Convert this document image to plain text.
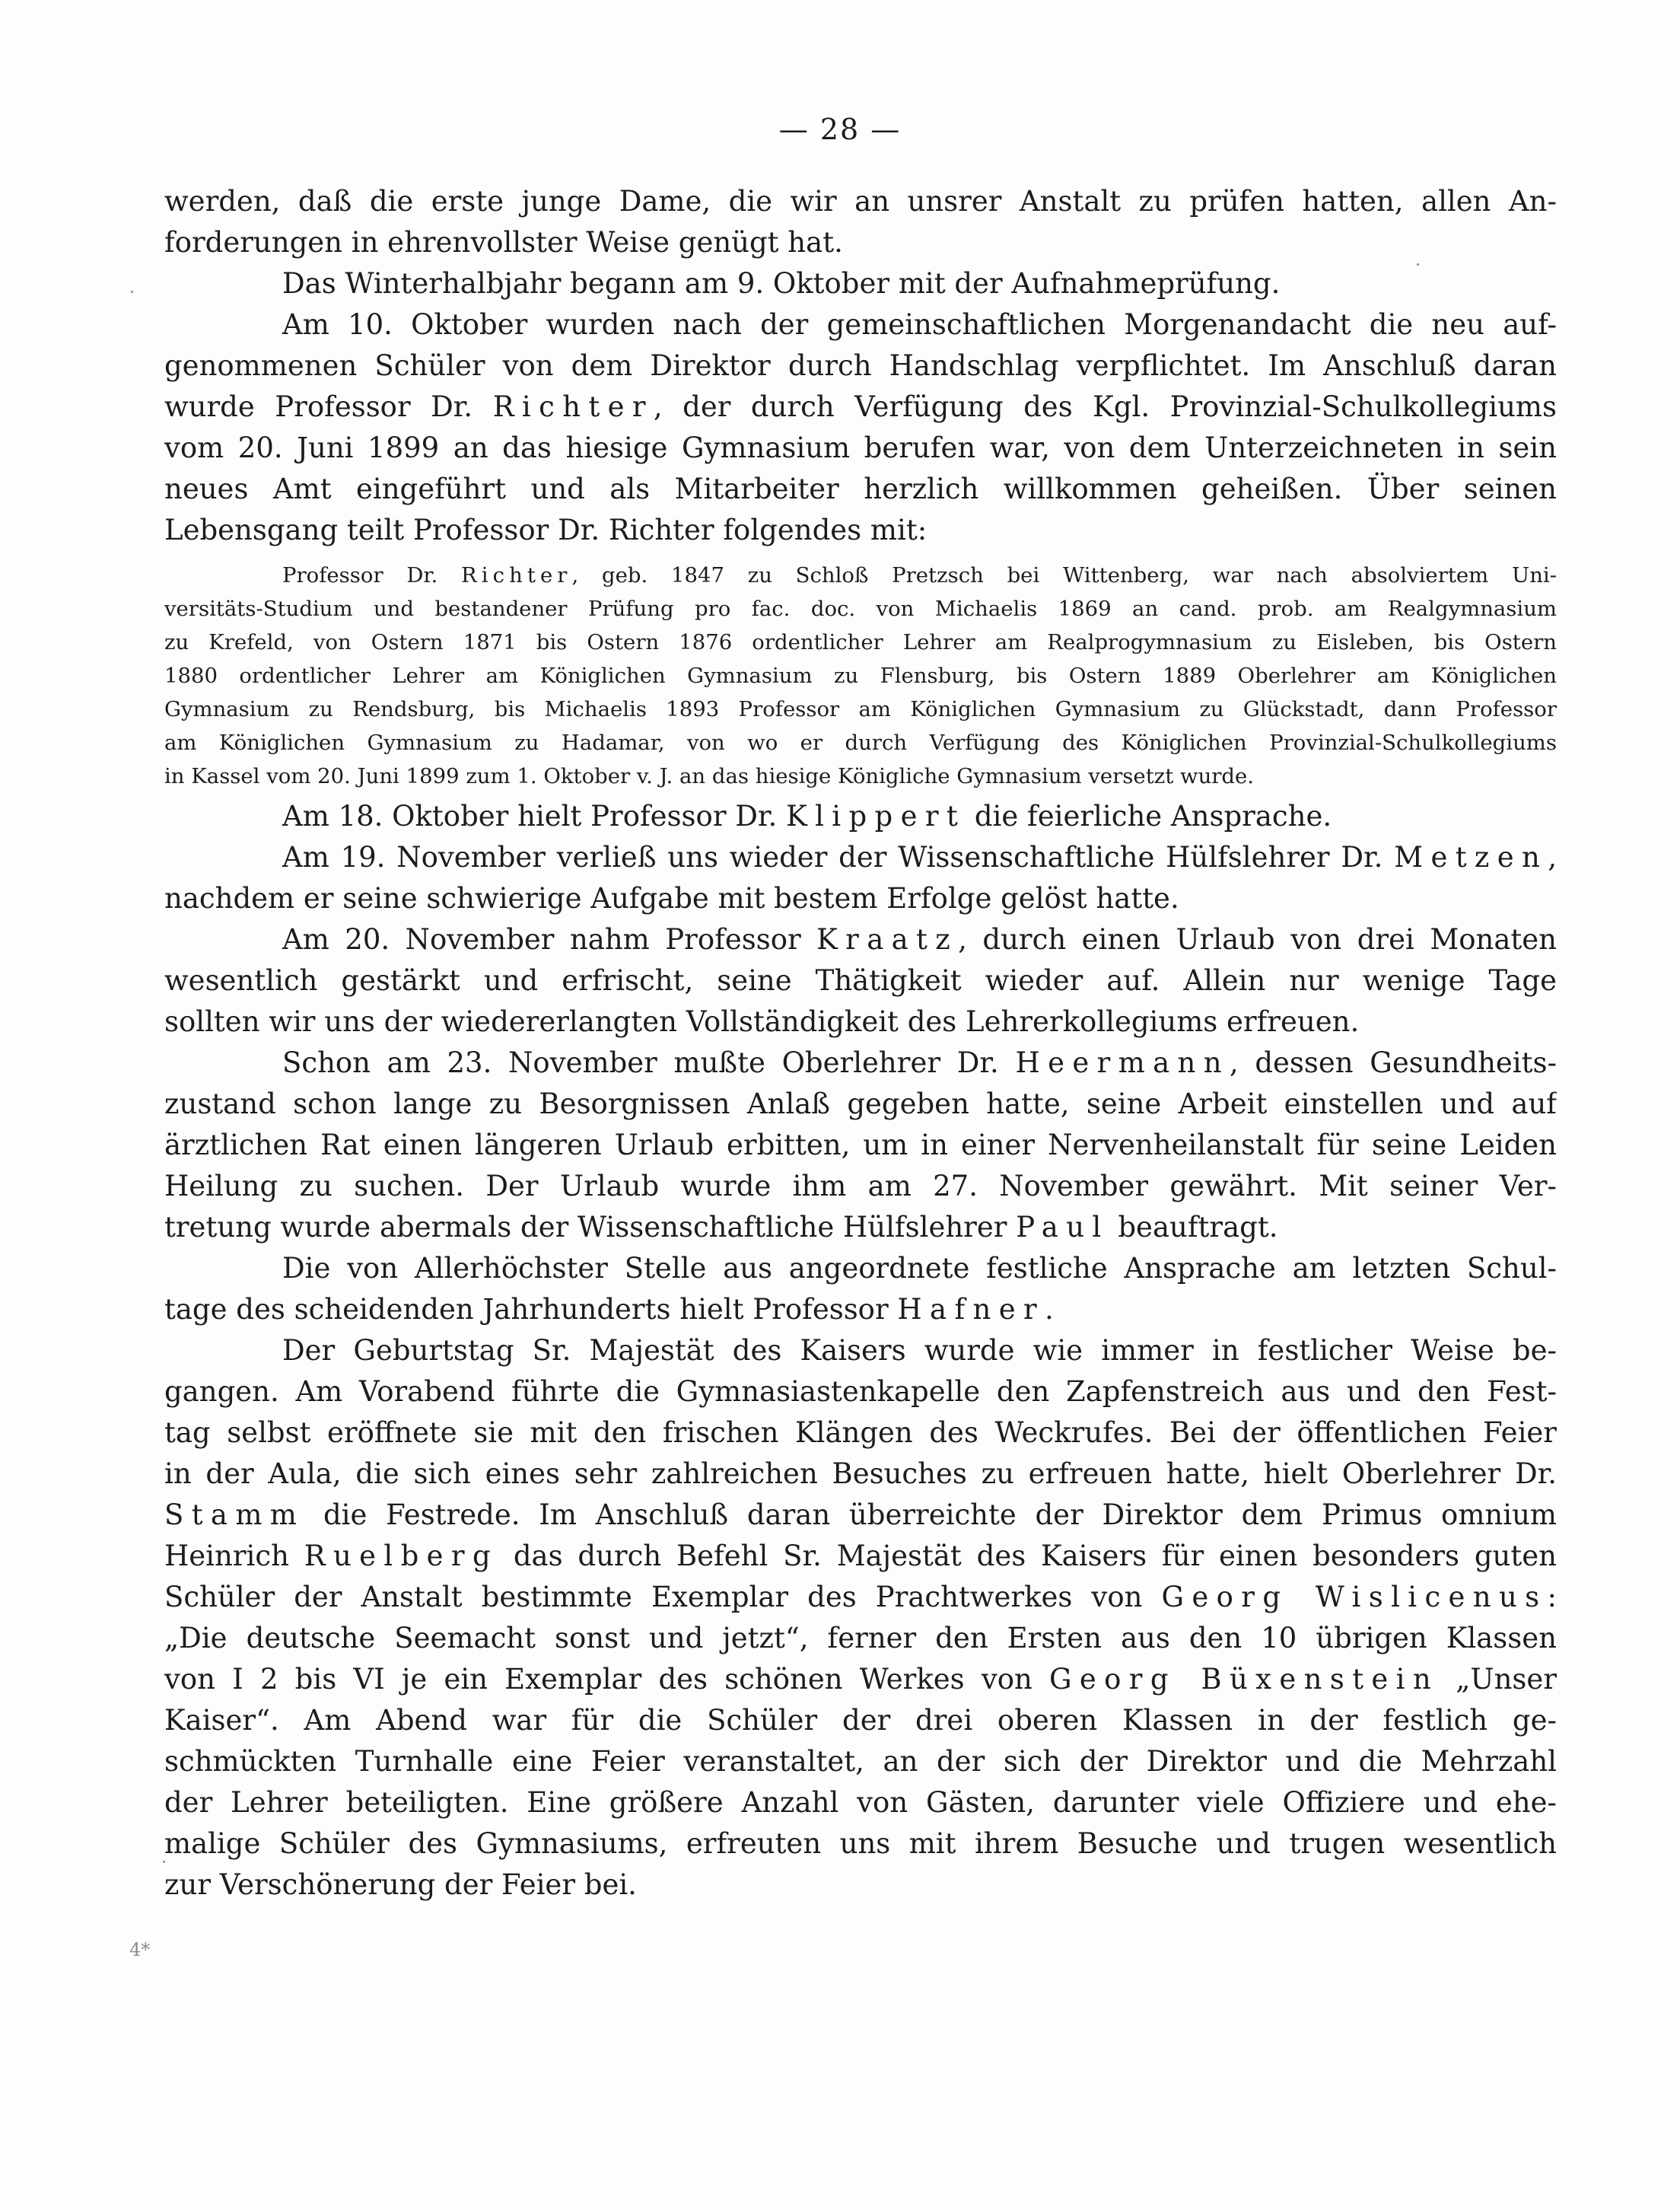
— 28 —
werden, daß die erste junge Dame, die wir an unsrer Anstalt zu prüfen hatten, allen An-
forderungen in ehrenvollster Weise genügt hat.
Das Winterhalbjahr begann am 9. Oktober mit der Aufnahmeprüfung.
Am 10. Oktober wurden nach der gemeinschaftlichen Morgenandacht die neu auf-
genommenen Schüler von dem Direktor durch Handschlag verpflichtet. Im Anschluß daran
wurde Professor Dr. Richter, der durch Verfügung des Kgl. Provinzial-Schulkollegiums
vom 20. Juni 1899 an das hiesige Gymnasium berufen war, von dem Unterzeichneten in sein
neues Amt eingeführt und als Mitarbeiter herzlich willkommen geheißen. Über seinen
Lebensgang teilt Professor Dr. Richter folgendes mit:
Professor Dr. Richter, geb. 1847 zu Schloß Pretzsch bei Wittenberg, war nach absolviertem Uni-
versitäts-Studium und bestandener Prüfung pro fac. doc. von Michaelis 1869 an cand. prob. am Realgymnasium
zu Krefeld, von Ostern 1871 bis Ostern 1876 ordentlicher Lehrer am Realprogymnasium zu Eisleben, bis Ostern
1880 ordentlicher Lehrer am Königlichen Gymnasium zu Flensburg, bis Ostern 1889 Oberlehrer am Königlichen
Gymnasium zu Rendsburg, bis Michaelis 1893 Professor am Königlichen Gymnasium zu Glückstadt, dann Professor
am Königlichen Gymnasium zu Hadamar, von wo er durch Verfügung des Königlichen Provinzial-Schulkollegiums
in Kassel vom 20. Juni 1899 zum 1. Oktober v. J. an das hiesige Königliche Gymnasium versetzt wurde.
Am 18. Oktober hielt Professor Dr. Klippert die feierliche Ansprache.
Am 19. November verließ uns wieder der Wissenschaftliche Hülfslehrer Dr. Metzen,
nachdem er seine schwierige Aufgabe mit bestem Erfolge gelöst hatte.
Am 20. November nahm Professor Kraatz, durch einen Urlaub von drei Monaten
wesentlich gestärkt und erfrischt, seine Thätigkeit wieder auf. Allein nur wenige Tage
sollten wir uns der wiedererlangten Vollständigkeit des Lehrerkollegiums erfreuen.
Schon am 23. November mußte Oberlehrer Dr. Heermann, dessen Gesundheits-
zustand schon lange zu Besorgnissen Anlaß gegeben hatte, seine Arbeit einstellen und auf
ärztlichen Rat einen längeren Urlaub erbitten, um in einer Nervenheilanstalt für seine Leiden
Heilung zu suchen. Der Urlaub wurde ihm am 27. November gewährt. Mit seiner Ver-
tretung wurde abermals der Wissenschaftliche Hülfslehrer Paul beauftragt.
Die von Allerhöchster Stelle aus angeordnete festliche Ansprache am letzten Schul-
tage des scheidenden Jahrhunderts hielt Professor Hafner.
Der Geburtstag Sr. Majestät des Kaisers wurde wie immer in festlicher Weise be-
gangen. Am Vorabend führte die Gymnasiastenkapelle den Zapfenstreich aus und den Fest-
tag selbst eröffnete sie mit den frischen Klängen des Weckrufes. Bei der öffentlichen Feier
in der Aula, die sich eines sehr zahlreichen Besuches zu erfreuen hatte, hielt Oberlehrer Dr.
Stamm die Festrede. Im Anschluß daran überreichte der Direktor dem Primus omnium
Heinrich Ruelberg das durch Befehl Sr. Majestät des Kaisers für einen besonders guten
Schüler der Anstalt bestimmte Exemplar des Prachtwerkes von Georg Wislicenus:
„Die deutsche Seemacht sonst und jetzt“, ferner den Ersten aus den 10 übrigen Klassen
von I 2 bis VI je ein Exemplar des schönen Werkes von Georg Büxenstein „Unser
Kaiser“. Am Abend war für die Schüler der drei oberen Klassen in der festlich ge-
schmückten Turnhalle eine Feier veranstaltet, an der sich der Direktor und die Mehrzahl
der Lehrer beteiligten. Eine größere Anzahl von Gästen, darunter viele Offiziere und ehe-
malige Schüler des Gymnasiums, erfreuten uns mit ihrem Besuche und trugen wesentlich
zur Verschönerung der Feier bei.
4*
